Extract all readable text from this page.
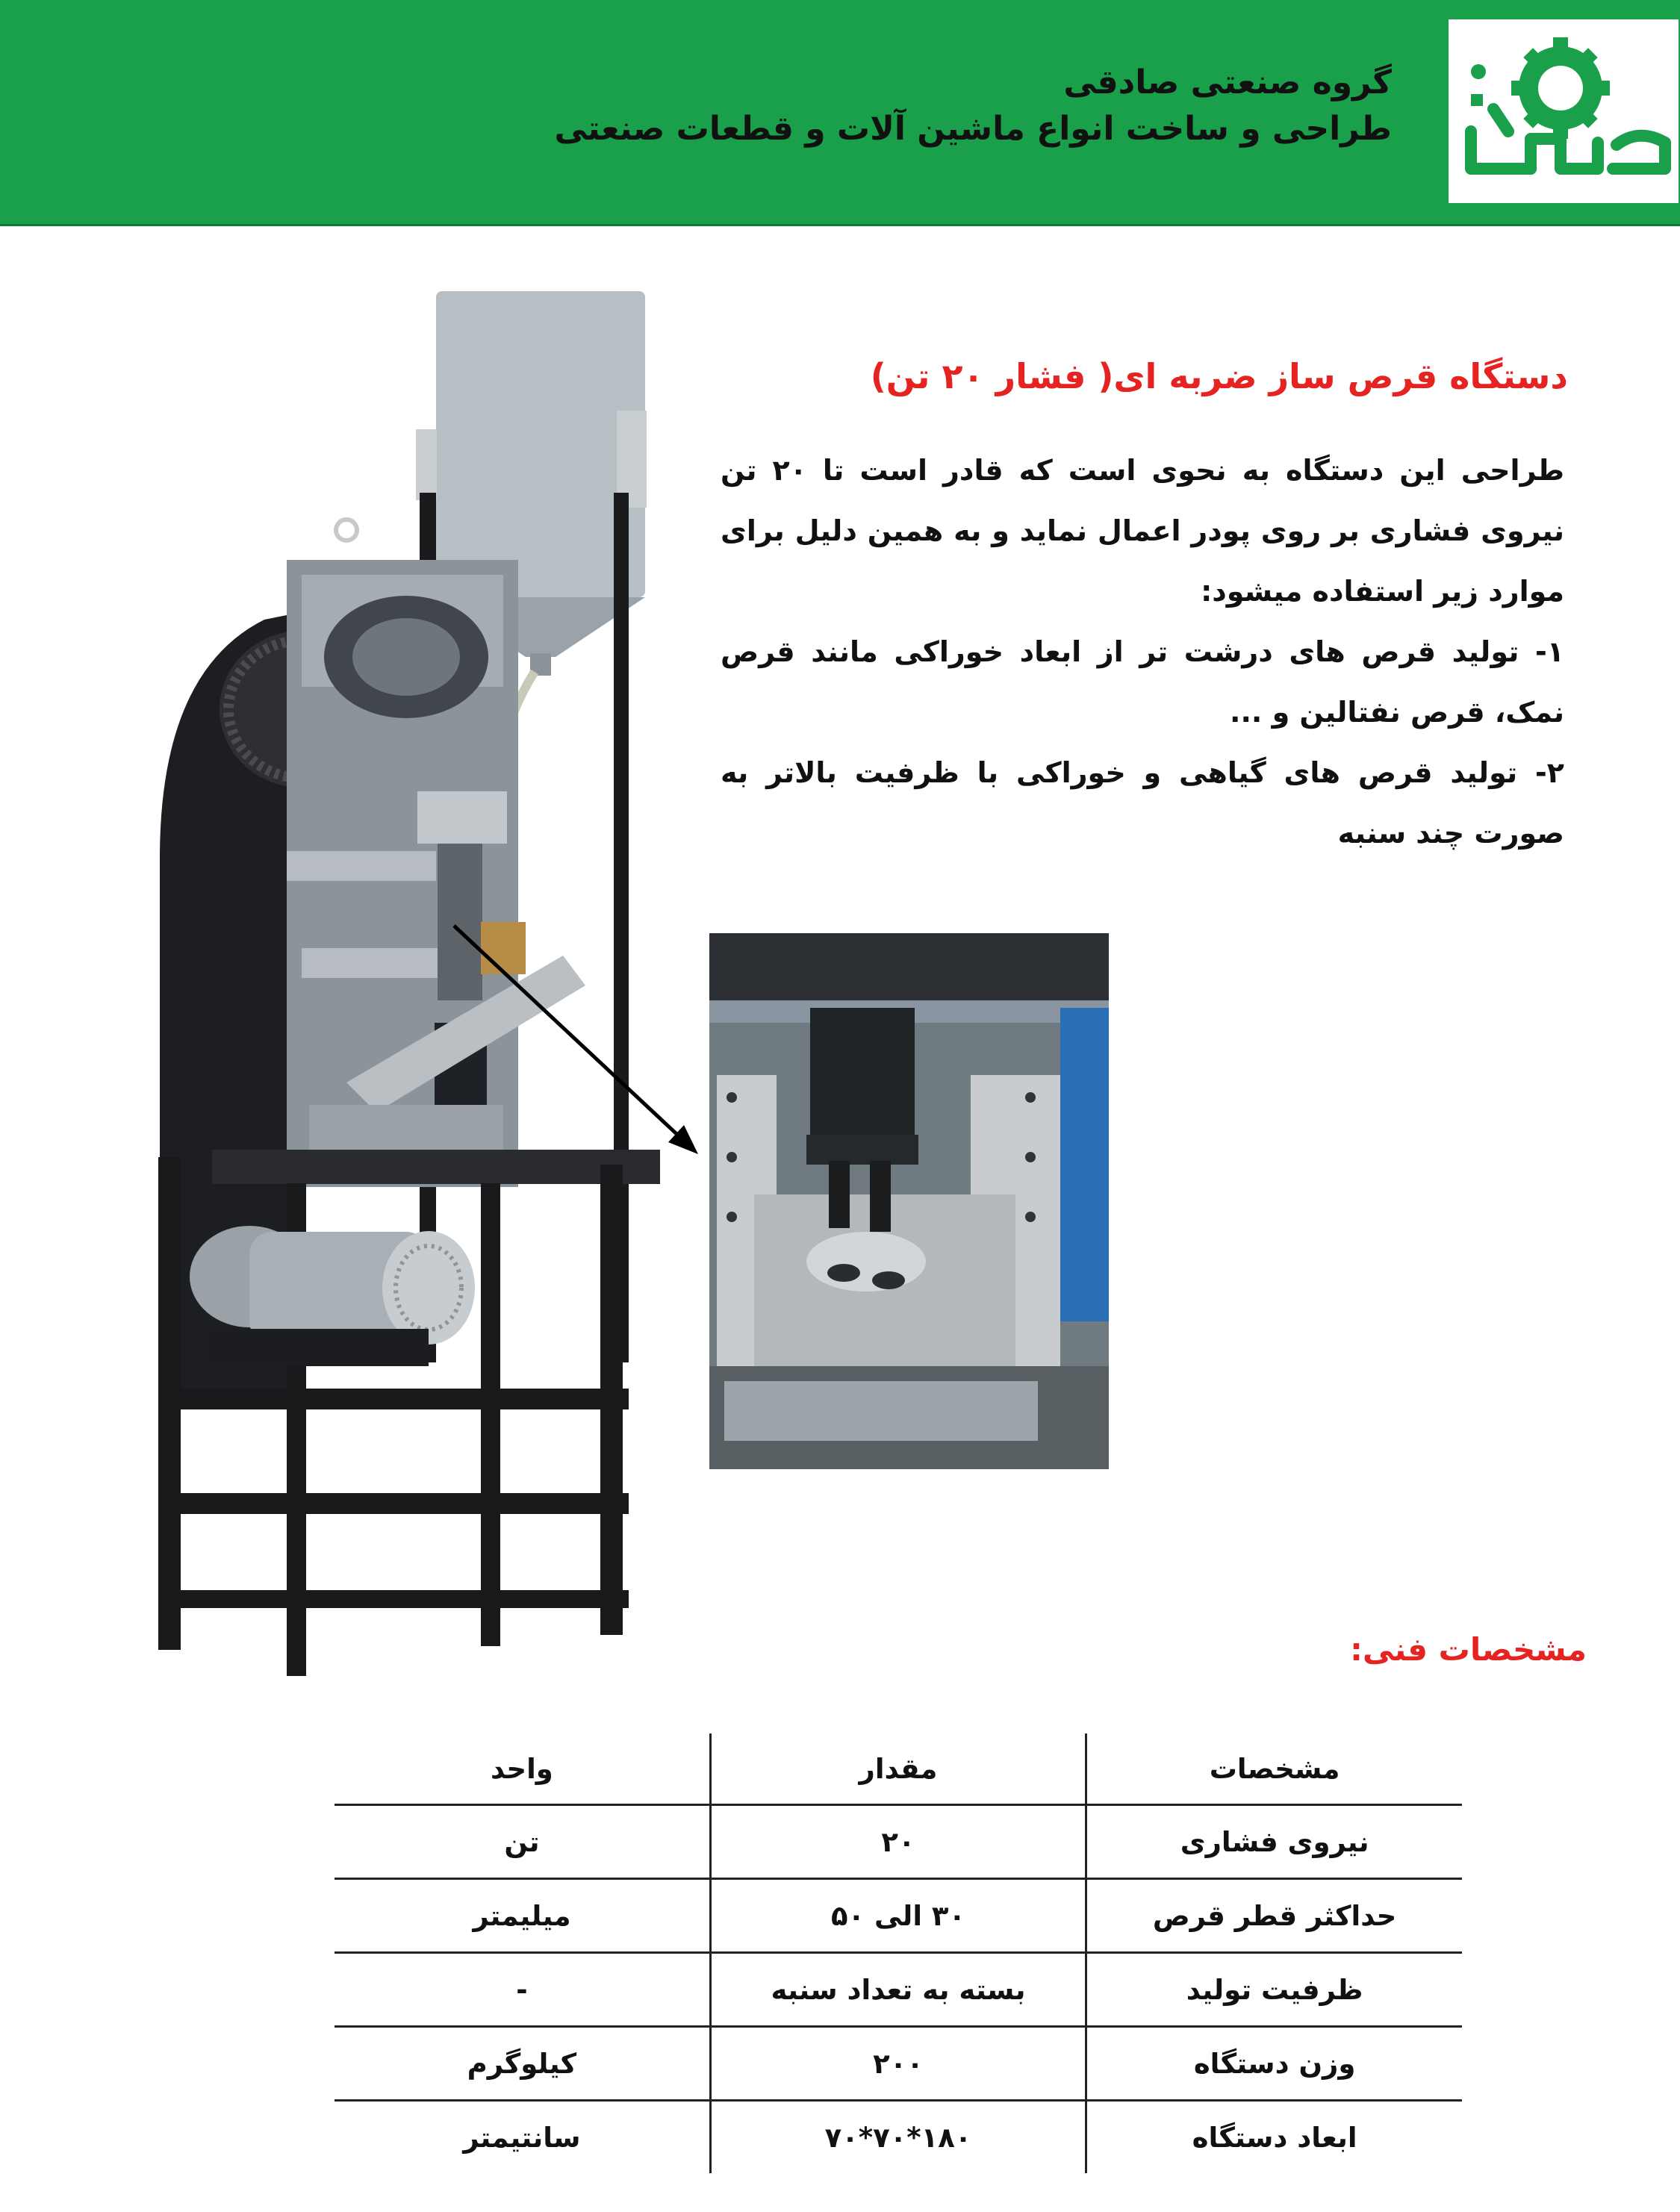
گروه صنعتی صادقی
طراحی و ساخت انواع ماشین آلات و قطعات صنعتی
دستگاه قرص ساز ضربه ای( فشار ۲۰ تن)

طراحی این دستگاه به نحوی است که قادر است تا ۲۰ تن نیروی فشاری بر روی پودر اعمال نماید و به همین دلیل برای موارد زیر استفاده میشود:

۱- تولید قرص های درشت تر از ابعاد خوراکی مانند قرص نمک، قرص نفتالین و ...

۲- تولید قرص های گیاهی و خوراکی با ظرفیت بالاتر به صورت چند سنبه

مشخصات فنی:
مشخصات	مقدار	واحد
نیروی فشاری	۲۰	تن
حداکثر قطر قرص	۳۰ الی ۵۰	میلیمتر
ظرفیت تولید	بسته به تعداد سنبه	-
وزن دستگاه	۲۰۰	کیلوگرم
ابعاد دستگاه	۷۰*۷۰*۱۸۰	سانتیمتر
